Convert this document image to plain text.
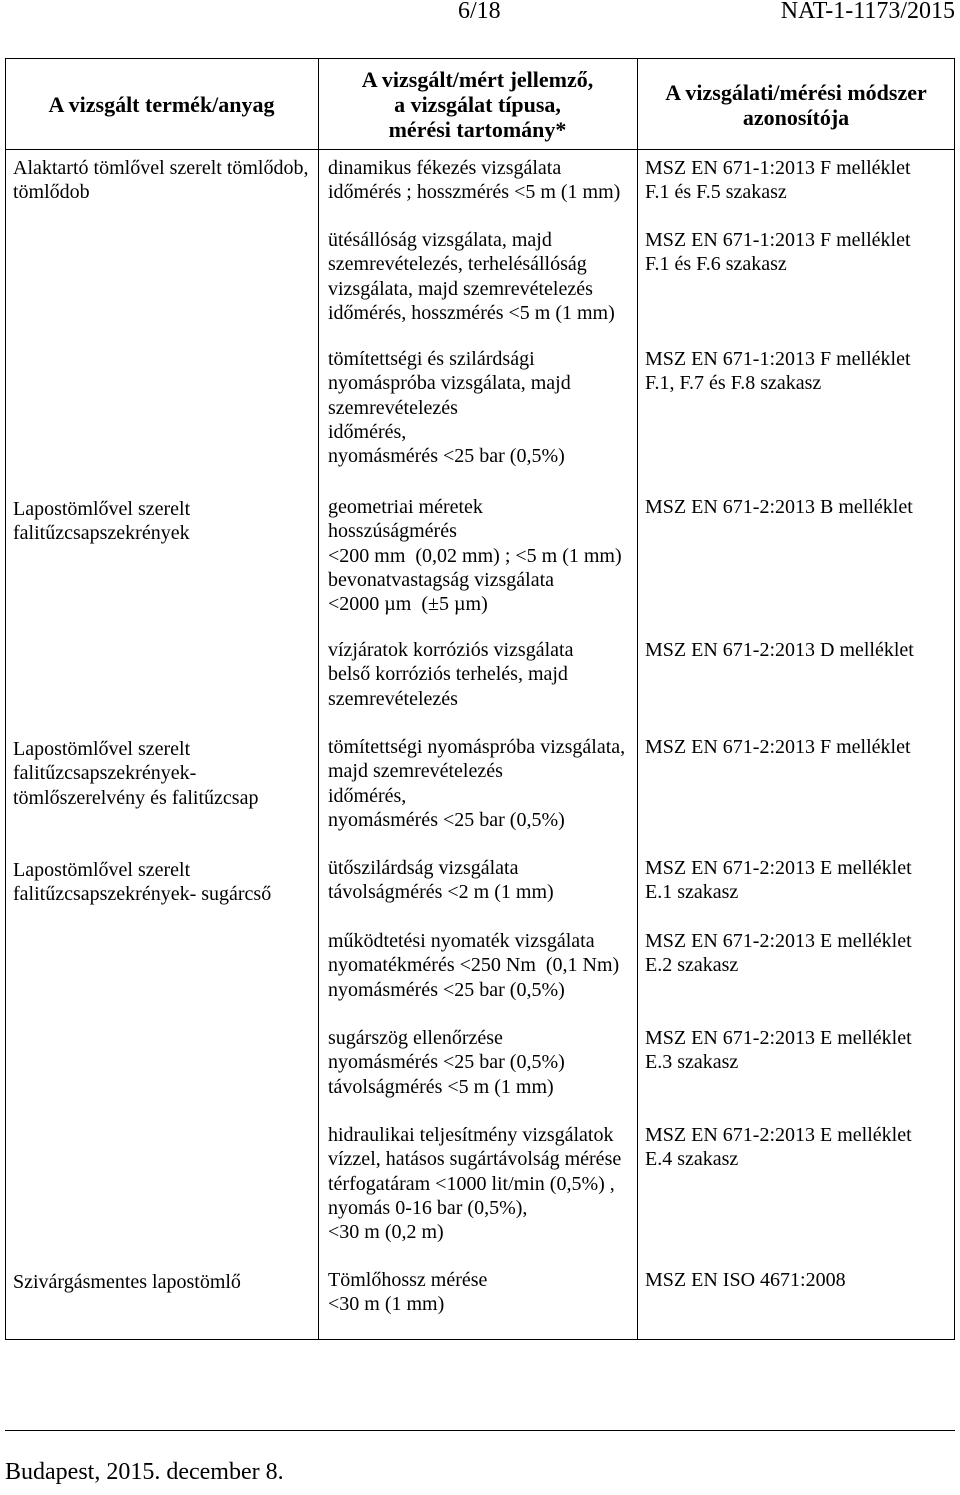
6/18	NAT-1-1173/2015
A vizsgált termék/anyag
A vizsgált/mért jellemző,
a vizsgálat típusa,
mérési tartomány*
A vizsgálati/mérési módszer
azonosítója
Alaktartó tömlővel szerelt tömlődob,
tömlődob
dinamikus fékezés vizsgálata
időmérés ; hosszmérés <5 m (1 mm)
MSZ EN 671-1:2013 F melléklet
F.1 és F.5 szakasz
ütésállóság vizsgálata, majd
szemrevételezés, terhelésállóság
vizsgálata, majd szemrevételezés
időmérés, hosszmérés <5 m (1 mm)
MSZ EN 671-1:2013 F melléklet
F.1 és F.6 szakasz
tömítettségi és szilárdsági
nyomáspróba vizsgálata, majd
szemrevételezés
időmérés,
nyomásmérés <25 bar (0,5%)
MSZ EN 671-1:2013 F melléklet
F.1, F.7 és F.8 szakasz
Lapostömlővel szerelt
falitűzcsapszekrények
geometriai méretek
hosszúságmérés
<200 mm  (0,02 mm) ; <5 m (1 mm)
bevonatvastagság vizsgálata
<2000 µm  (±5 µm)
MSZ EN 671-2:2013 B melléklet
vízjáratok korróziós vizsgálata
belső korróziós terhelés, majd
szemrevételezés
MSZ EN 671-2:2013 D melléklet
Lapostömlővel szerelt
falitűzcsapszekrények-
tömlőszerelvény és falitűzcsap
tömítettségi nyomáspróba vizsgálata,
majd szemrevételezés
időmérés,
nyomásmérés <25 bar (0,5%)
MSZ EN 671-2:2013 F melléklet
Lapostömlővel szerelt
falitűzcsapszekrények- sugárcső
ütőszilárdság vizsgálata
távolságmérés <2 m (1 mm)
MSZ EN 671-2:2013 E melléklet
E.1 szakasz
működtetési nyomaték vizsgálata
nyomatékmérés <250 Nm  (0,1 Nm)
nyomásmérés <25 bar (0,5%)
MSZ EN 671-2:2013 E melléklet
E.2 szakasz
sugárszög ellenőrzése
nyomásmérés <25 bar (0,5%)
távolságmérés <5 m (1 mm)
MSZ EN 671-2:2013 E melléklet
E.3 szakasz
hidraulikai teljesítmény vizsgálatok
vízzel, hatásos sugártávolság mérése
térfogatáram <1000 lit/min (0,5%) ,
nyomás 0-16 bar (0,5%),
<30 m (0,2 m)
MSZ EN 671-2:2013 E melléklet
E.4 szakasz
Szivárgásmentes lapostömlő	Tömlőhossz mérése
<30 m (1 mm)
MSZ EN ISO 4671:2008
Budapest, 2015. december 8.
